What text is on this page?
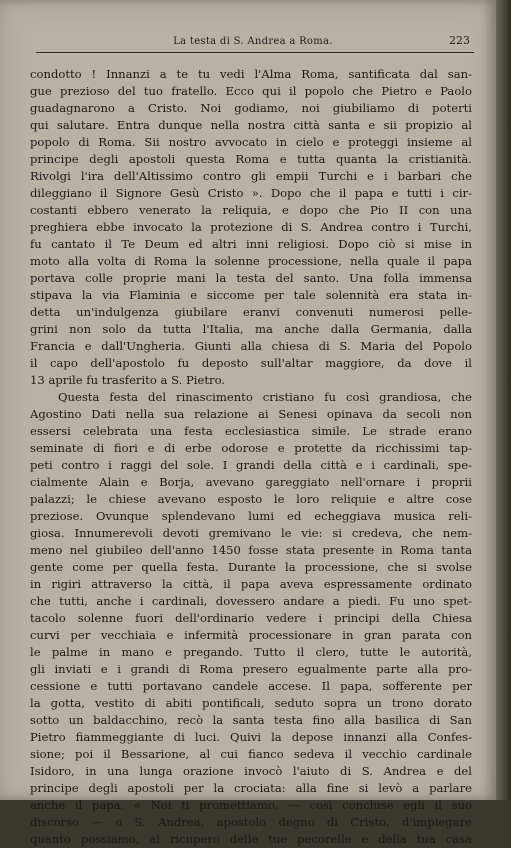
La testa di S. Andrea a Roma.	223
condotto ! Innanzi a te tu vedi l'Alma Roma, santificata dal san-
gue prezioso del tuo fratello. Ecco qui il popolo che Pietro e Paolo
guadagnarono a Cristo. Noi godiamo, noi giubiliamo di poterti
qui salutare. Entra dunque nella nostra città santa e sii propizio al
popolo di Roma. Sii nostro avvocato in cielo e proteggi insieme al
principe degli apostoli questa Roma e tutta quanta la cristianità.
Rivolgi l'ira dell'Altissimo contro gli empii Turchi e i barbari che
dileggiano il Signore Gesù Cristo ». Dopo che il papa e tutti i cir-
costanti ebbero venerato la reliquia, e dopo che Pio II con una
preghiera ebbe invocato la protezione di S. Andrea contro i Turchi,
fu cantato il Te Deum ed altri inni religiosi. Dopo ciò si mise in
moto alla volta di Roma la solenne processione, nella quale il papa
portava colle proprie mani la testa del santo. Una folla immensa
stipava la via Flaminia e siccome per tale solennità era stata in-
detta un'indulgenza giubilare eranvi convenuti numerosi pelle-
grini non solo da tutta l'Italia, ma anche dalla Germania, dalla
Francia e dall'Ungheria. Giunti alla chiesa di S. Maria del Popolo
il capo dell'apostolo fu deposto sull'altar maggiore, da dove il
13 aprile fu trasferito a S. Pietro.
Questa festa del rinascimento cristiano fu così grandiosa, che
Agostino Dati nella sua relazione ai Senesi opinava da secoli non
essersi celebrata una festa ecclesiastica simile. Le strade erano
seminate di fiori e di erbe odorose e protette da ricchissimi tap-
peti contro i raggi del sole. I grandi della città e i cardinali, spe-
cialmente Alain e Borja, avevano gareggiato nell'ornare i proprii
palazzi; le chiese avevano esposto le loro reliquie e altre cose
preziose. Ovunque splendevano lumi ed echeggiava musica reli-
giosa. Innumerevoli devoti gremivano le vie: si credeva, che nem-
meno nel giubileo dell'anno 1450 fosse stata presente in Roma tanta
gente come per quella festa. Durante la processione, che si svolse
in rigiri attraverso la città, il papa aveva espressamente ordinato
che tutti, anche i cardinali, dovessero andare a piedi. Fu uno spet-
tacolo solenne fuori dell'ordinario vedere i principi della Chiesa
curvi per vecchiaia e infermità processionare in gran parata con
le palme in mano e pregando. Tutto il clero, tutte le autorità,
gli inviati e i grandi di Roma presero egualmente parte alla pro-
cessione e tutti portavano candele accese. Il papa, sofferente per
la gotta, vestito di abiti pontificali, seduto sopra un trono dorato
sotto un baldacchino, recò la santa testa fino alla basilica di San
Pietro fiammeggiante di luci. Quivi la depose innanzi alla Confes-
sione; poi il Bessarione, al cui fianco sedeva il vecchio cardinale
Isidoro, in una lunga orazione invocò l'aiuto di S. Andrea e del
principe degli apostoli per la crociata: alla fine si levò a parlare
anche il papa. « Noi ti promettiamo, — così concluse egli il suo
discorso — o S. Andrea, apostolo degno di Cristo, d'impiegare
quanto possiamo, al ricupero delle tue pecorelle e della tua casa
